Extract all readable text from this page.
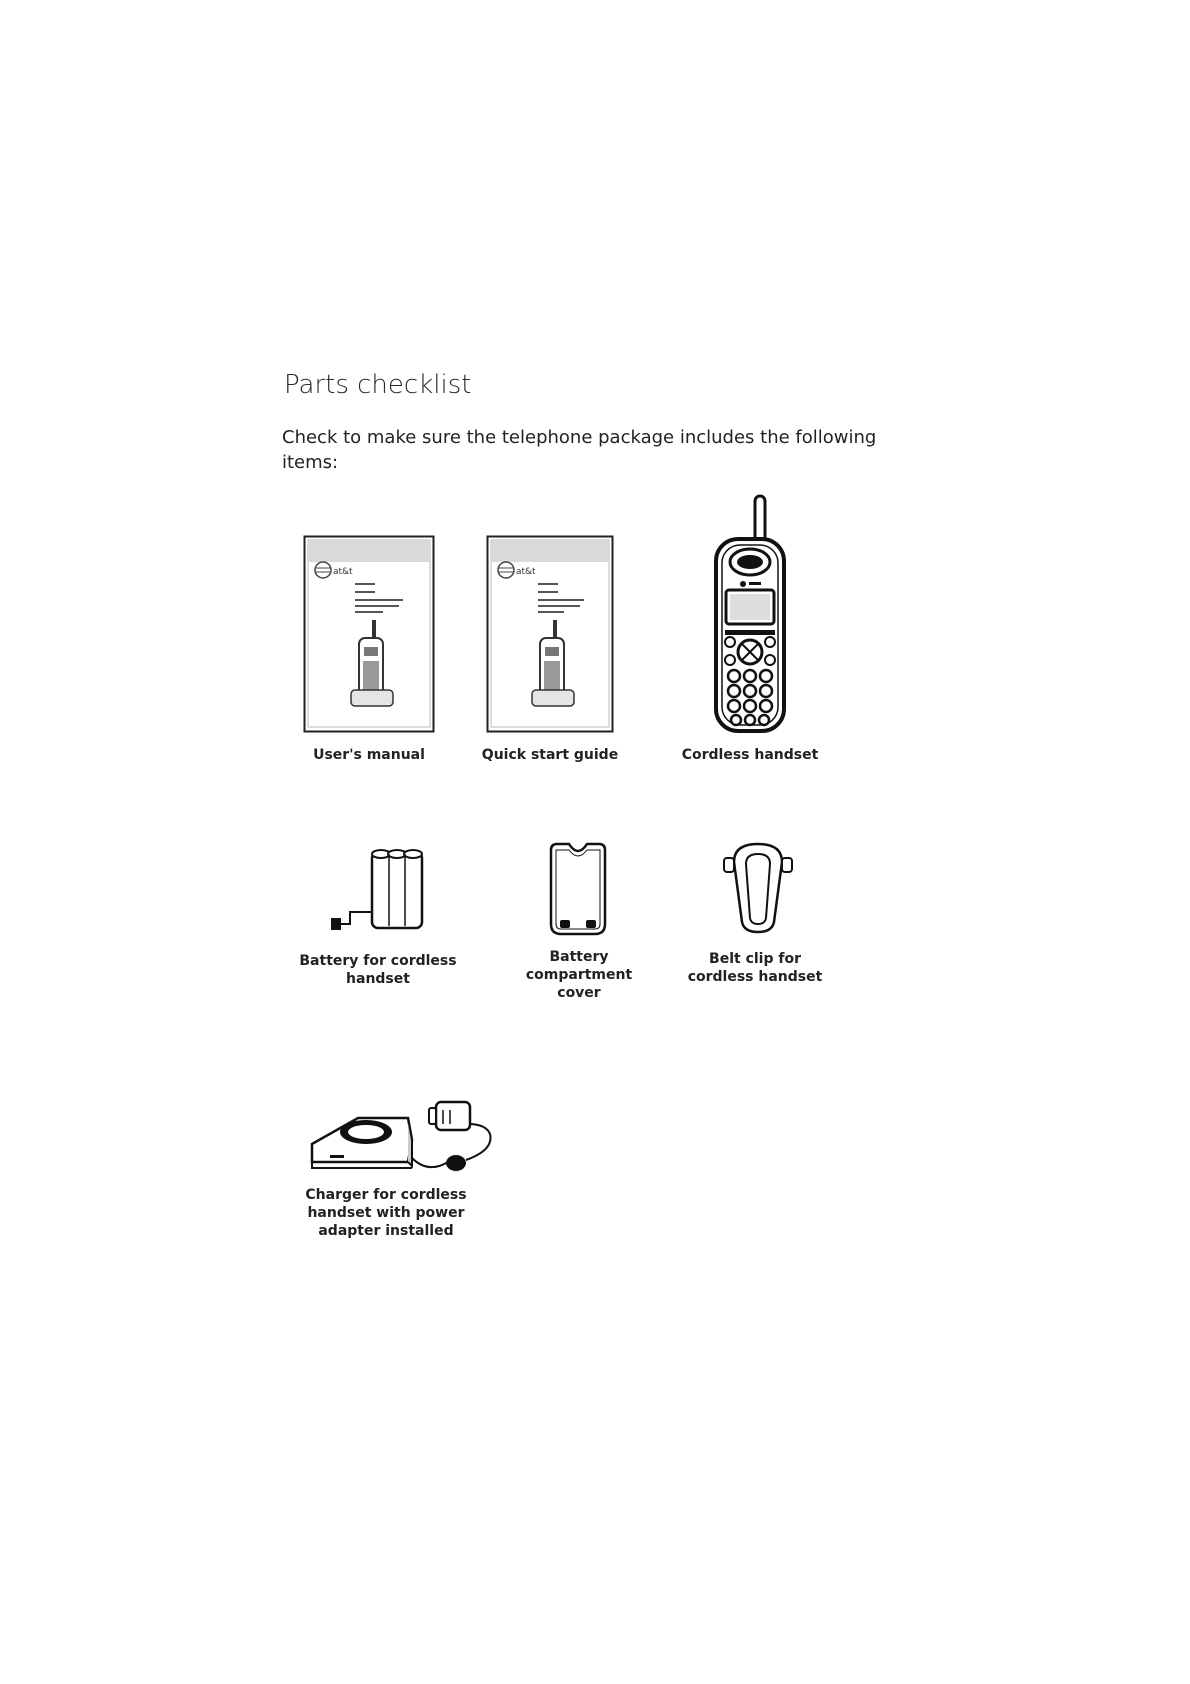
Parts checklist
Check to make sure the telephone package includes the following items:
at&t
User's manual
at&t
Quick start guide	Cordless handset
Battery for cordless handset
Battery compartment cover
Belt clip for cordless handset
Charger for cordless handset with power adapter installed
